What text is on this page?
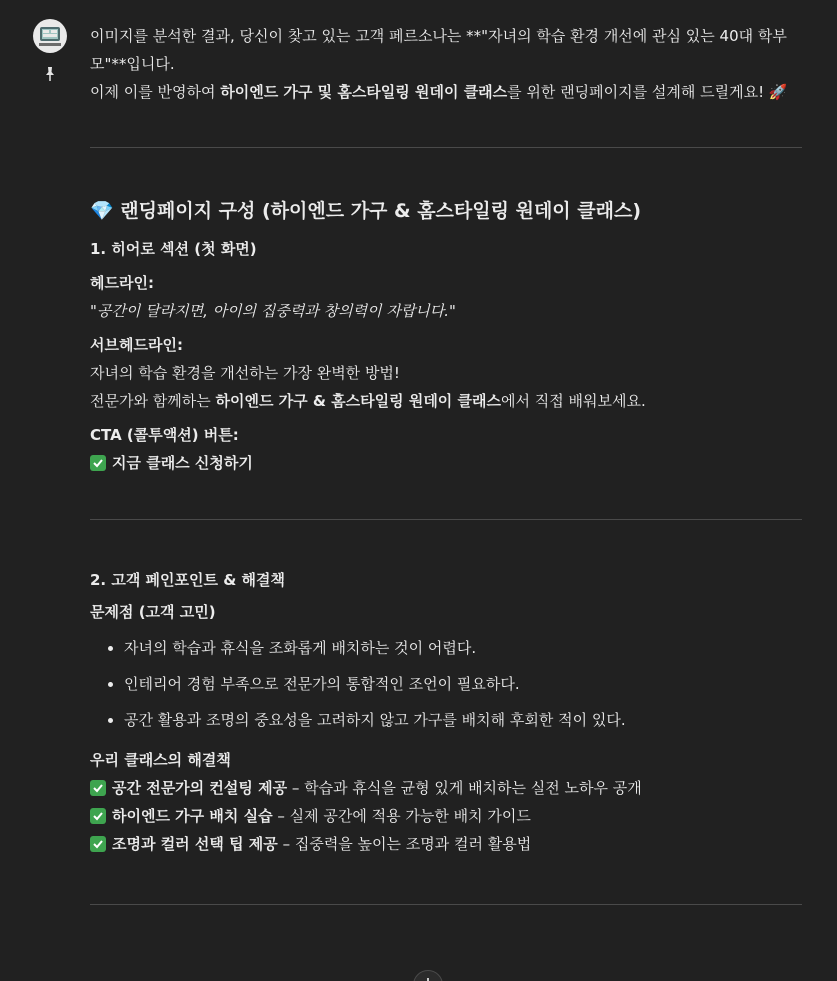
이미지를 분석한 결과, 당신이 찾고 있는 고객 페르소나는 **"자녀의 학습 환경 개선에 관심 있는 40대 학부모"**입니다.

이제 이를 반영하여 하이엔드 가구 및 홈스타일링 원데이 클래스를 위한 랜딩페이지를 설계해 드릴게요! 🚀

💎 랜딩페이지 구성 (하이엔드 가구 & 홈스타일링 원데이 클래스)
1. 히어로 섹션 (첫 화면)

헤드라인:

"공간이 달라지면, 아이의 집중력과 창의력이 자랍니다."

서브헤드라인:

자녀의 학습 환경을 개선하는 가장 완벽한 방법!

전문가와 함께하는 하이엔드 가구 & 홈스타일링 원데이 클래스에서 직접 배워보세요.

CTA (콜투액션) 버튼:

지금 클래스 신청하기

2. 고객 페인포인트 & 해결책

문제점 (고객 고민)

• 자녀의 학습과 휴식을 조화롭게 배치하는 것이 어렵다.
• 인테리어 경험 부족으로 전문가의 통합적인 조언이 필요하다.
• 공간 활용과 조명의 중요성을 고려하지 않고 가구를 배치해 후회한 적이 있다.

우리 클래스의 해결책

공간 전문가의 컨설팅 제공 – 학습과 휴식을 균형 있게 배치하는 실전 노하우 공개

하이엔드 가구 배치 실습 – 실제 공간에 적용 가능한 배치 가이드

조명과 컬러 선택 팁 제공 – 집중력을 높이는 조명과 컬러 활용법
